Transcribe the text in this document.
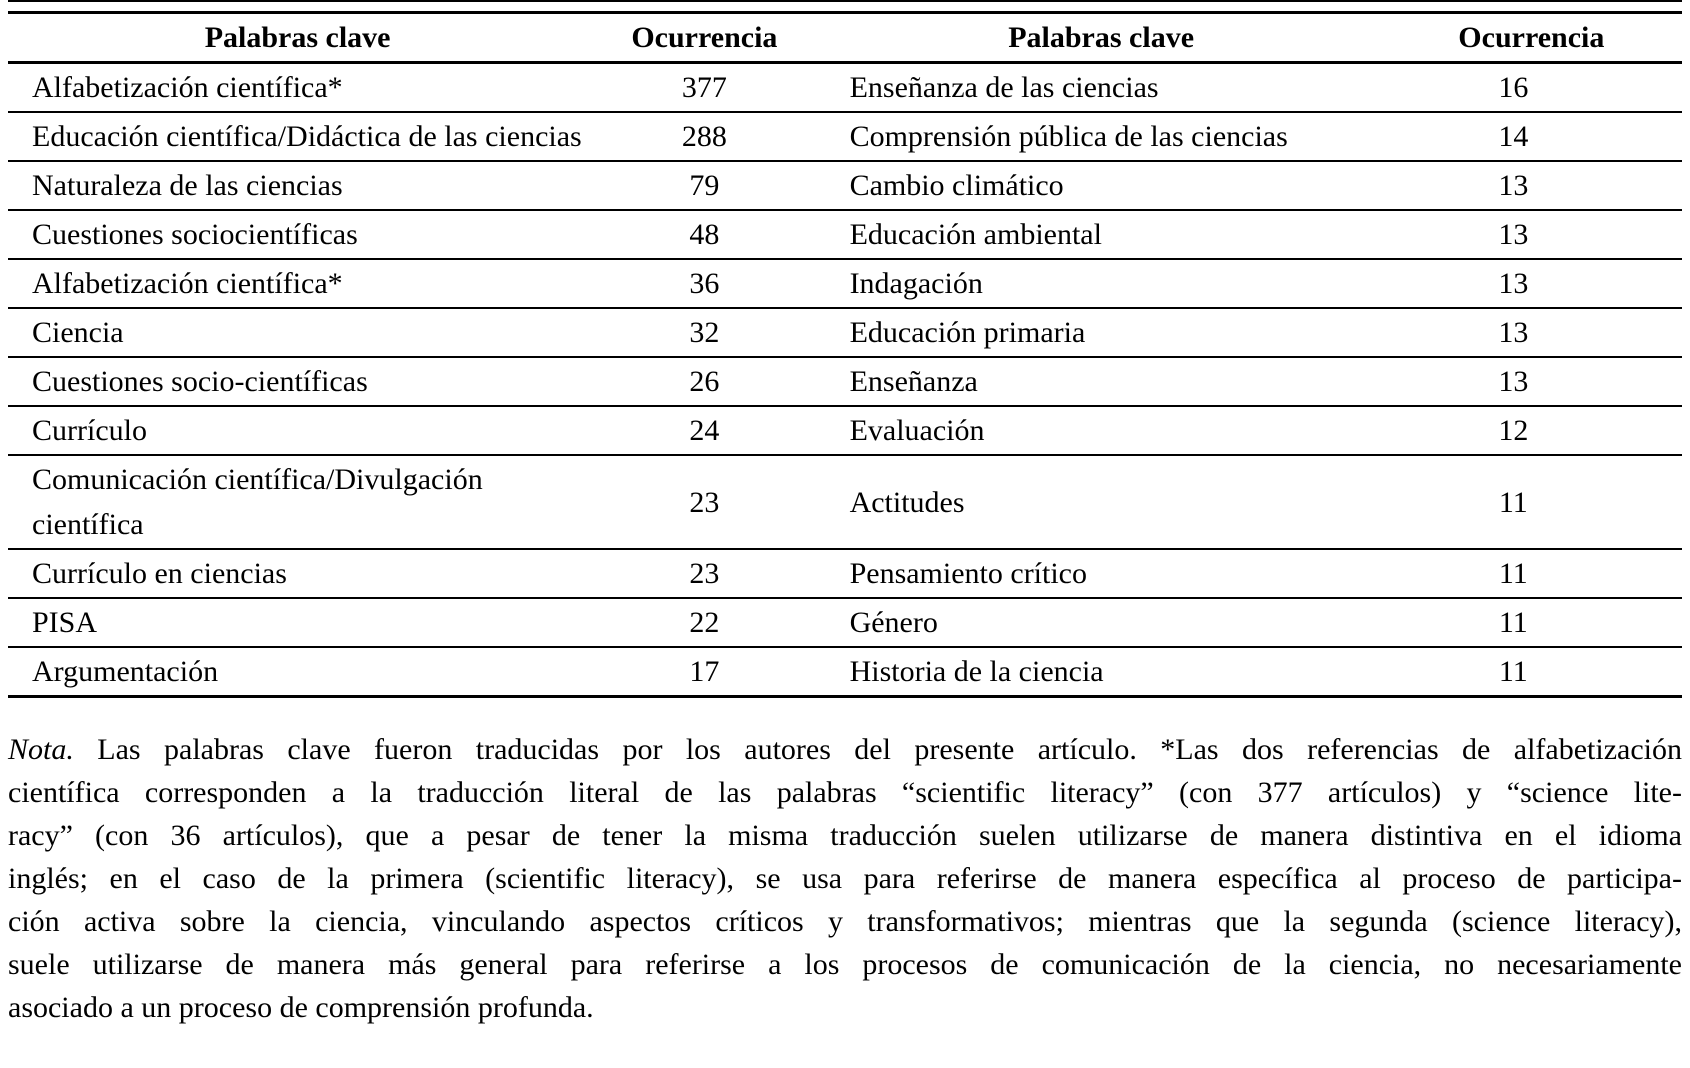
Palabras clave	Ocurrencia	Palabras clave	Ocurrencia
Alfabetización científica*	377	Enseñanza de las ciencias	16
Educación científica/Didáctica de las ciencias	288	Comprensión pública de las ciencias	14
Naturaleza de las ciencias	79	Cambio climático	13
Cuestiones sociocientíficas	48	Educación ambiental	13
Alfabetización científica*	36	Indagación	13
Ciencia	32	Educación primaria	13
Cuestiones socio-científicas	26	Enseñanza	13
Currículo	24	Evaluación	12
Comunicación científica/Divulgación científica	23	Actitudes	11
Currículo en ciencias	23	Pensamiento crítico	11
PISA	22	Género	11
Argumentación	17	Historia de la ciencia	11
Nota. Las palabras clave fueron traducidas por los autores del presente artículo. *Las dos referencias de alfabetización
científica corresponden a la traducción literal de las palabras “scientific literacy” (con 377 artículos) y “science lite-
racy” (con 36 artículos), que a pesar de tener la misma traducción suelen utilizarse de manera distintiva en el idioma
inglés; en el caso de la primera (scientific literacy), se usa para referirse de manera específica al proceso de participa-
ción activa sobre la ciencia, vinculando aspectos críticos y transformativos; mientras que la segunda (science literacy),
suele utilizarse de manera más general para referirse a los procesos de comunicación de la ciencia, no necesariamente
asociado a un proceso de comprensión profunda.
